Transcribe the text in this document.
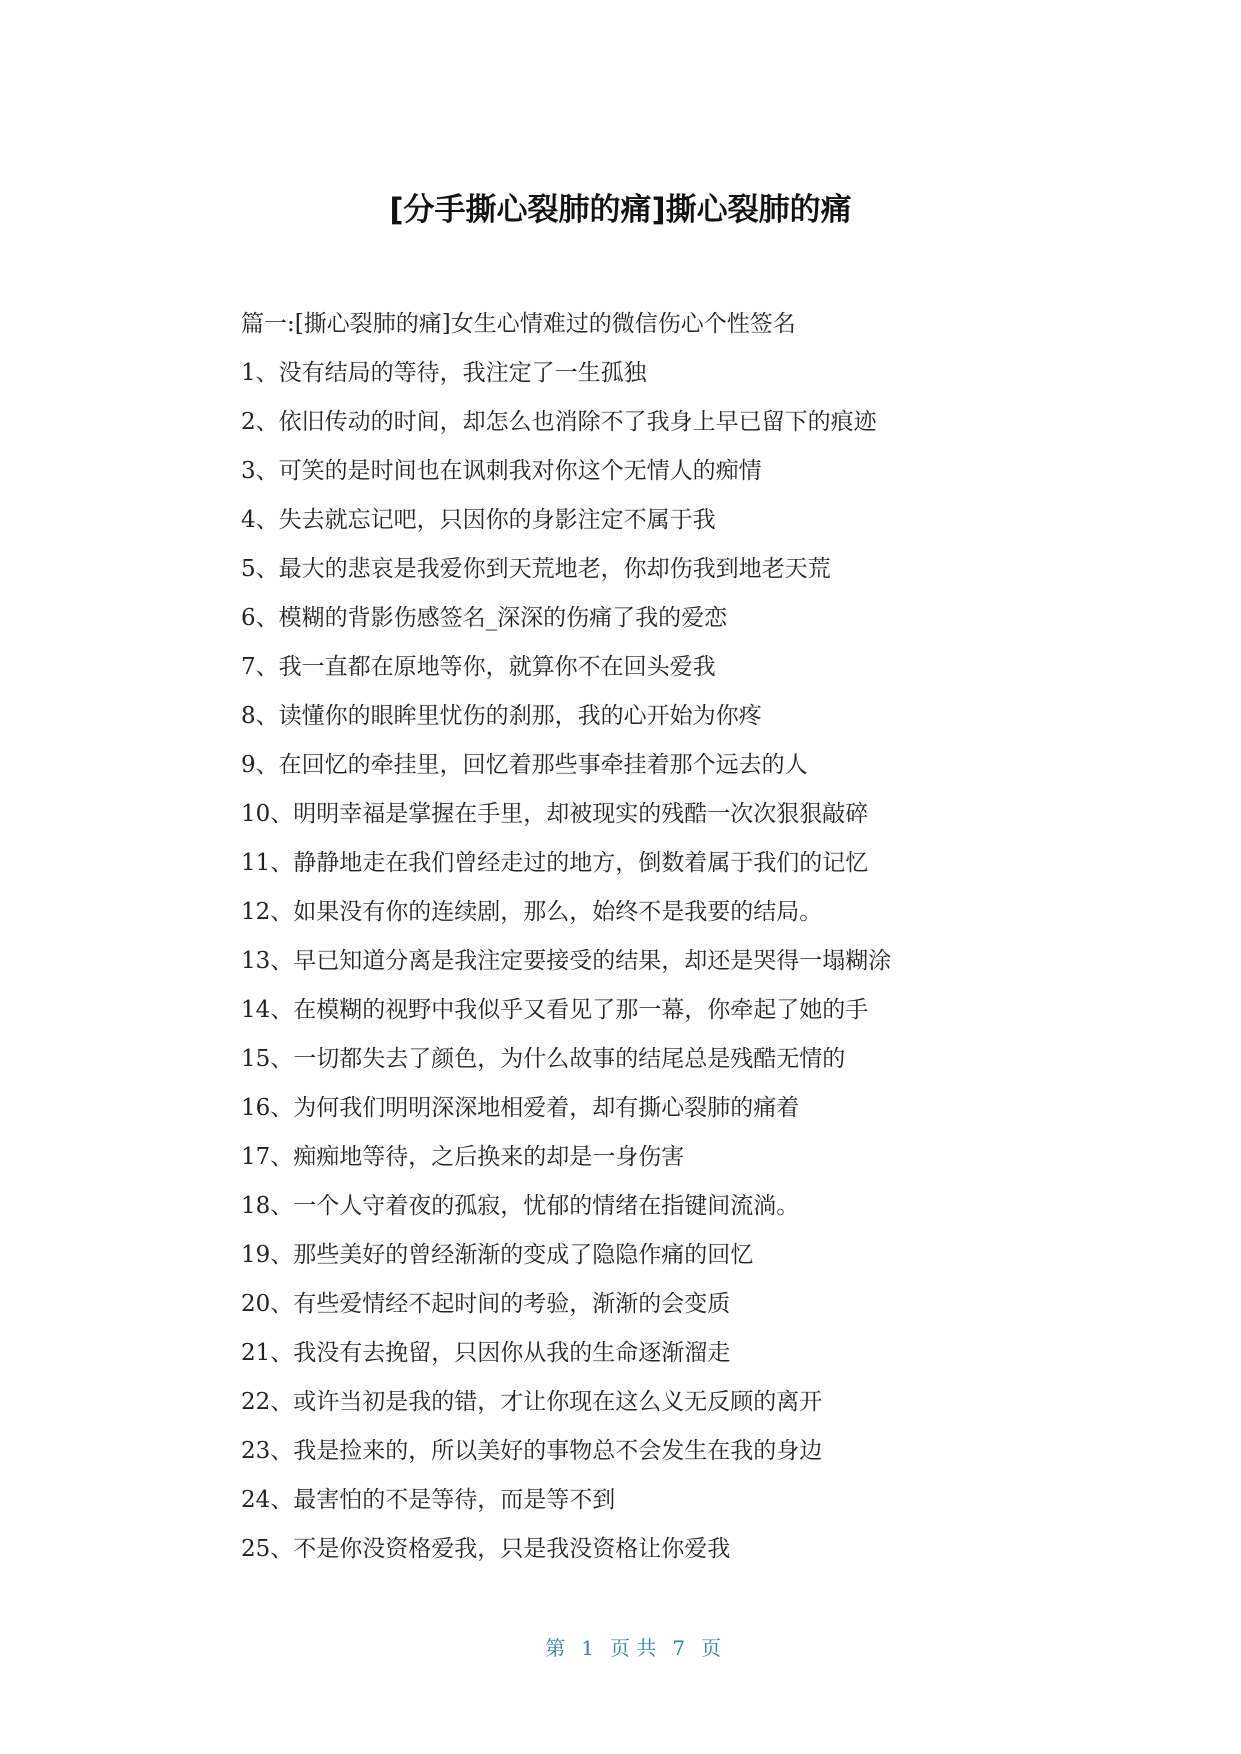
[分手撕心裂肺的痛]撕心裂肺的痛
篇一:[撕心裂肺的痛]女生心情难过的微信伤心个性签名
1、没有结局的等待，我注定了一生孤独
2、依旧传动的时间，却怎么也消除不了我身上早已留下的痕迹
3、可笑的是时间也在讽刺我对你这个无情人的痴情
4、失去就忘记吧，只因你的身影注定不属于我
5、最大的悲哀是我爱你到天荒地老，你却伤我到地老天荒
6、模糊的背影伤感签名_深深的伤痛了我的爱恋
7、我一直都在原地等你，就算你不在回头爱我
8、读懂你的眼眸里忧伤的刹那，我的心开始为你疼
9、在回忆的牵挂里，回忆着那些事牵挂着那个远去的人
10、明明幸福是掌握在手里，却被现实的残酷一次次狠狠敲碎
11、静静地走在我们曾经走过的地方，倒数着属于我们的记忆
12、如果没有你的连续剧，那么，始终不是我要的结局。
13、早已知道分离是我注定要接受的结果，却还是哭得一塌糊涂
14、在模糊的视野中我似乎又看见了那一幕，你牵起了她的手
15、一切都失去了颜色，为什么故事的结尾总是残酷无情的
16、为何我们明明深深地相爱着，却有撕心裂肺的痛着
17、痴痴地等待，之后换来的却是一身伤害
18、一个人守着夜的孤寂，忧郁的情绪在指键间流淌。
19、那些美好的曾经渐渐的变成了隐隐作痛的回忆
20、有些爱情经不起时间的考验，渐渐的会变质
21、我没有去挽留，只因你从我的生命逐渐溜走
22、或许当初是我的错，才让你现在这么义无反顾的离开
23、我是捡来的，所以美好的事物总不会发生在我的身边
24、最害怕的不是等待，而是等不到
25、不是你没资格爱我，只是我没资格让你爱我

第 1 页 共 7 页
